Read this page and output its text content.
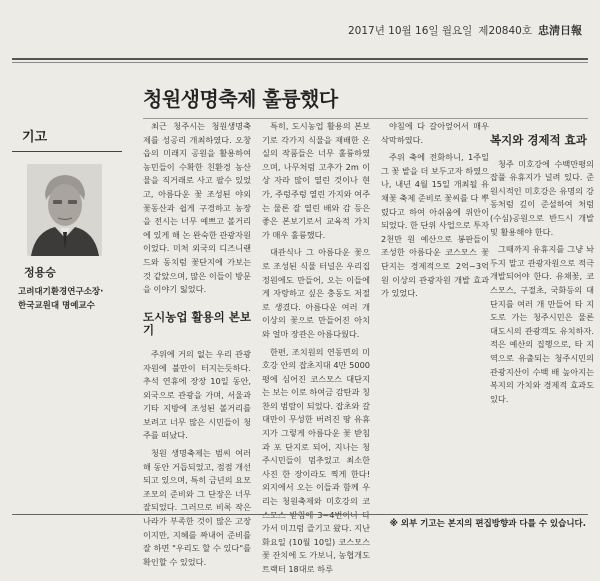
2017년 10월 16일 월요일 제20840호 忠淸日報
청원생명축제 훌륭했다
기고
정용승
고려대기환경연구소장·
한국교원대 명예교수

최근 청주시는 청원생명축제를 성공리 개최하였다. 오창읍의 미래지 공원을 활용하여 농민들이 수확한 친환경 농산물을 직거래로 사고 팔수 있었고, 아름다운 꽃 조성된 야외 꽃동산과 쉽게 구경하고 농장을 전시는 너무 예쁘고 볼거리에 있게 해 논 완숙한 관광자원이었다. 미처 외국의 디즈니랜드와 동치럼 꽃단지에 가보는 것 같았으며, 많은 이들이 방문을 이야기 잃었다.

도시농업 활용의 본보기

주위에 거의 없는 우리 관광자원에 불만이 터지는듯하다. 추석 연휴에 장장 10일 동안, 외국으로 관광을 가며, 서울과 기타 지방에 조성된 볼거리를 보려고 너무 많은 시민들이 청주를 떠났다.

청원 생명축제는 범씨 여러 해 동안 거듭되었고, 점점 개선되고 있으며, 특히 금년의 요모조모의 준비와 그 단장은 너무 잘되었다. 그러므로 비록 작은 나라가 부족한 것이 많은 고장이지만, 지혜를 짜내어 준비를 잘 하면 "우리도 할 수 있다"를 확인할 수 있었다.

특히, 도시농업 활용의 본보기로 각가지 식물을 재배한 온실의 작품들은 너무 훌륭하였으며, 나무처럼 고추가 2m 이상 자라 많이 열린 것이나 현가, 주렁주렁 열린 가지와 여주는 물론 잘 열린 배와 감 등은 좋은 본보기로서 교육적 가치가 매우 훌륭했다.

대관식나 그 아름다운 꽃으로 조성된 식물 터널은 우리집 정원에도 만들어, 오는 이들에게 자랑하고 싶은 충동도 저절로 생겼다. 아름다운 여러 개 이상의 꽃으로 만들어진 아치와 얼마 장관은 아름다웠다.

한편, 조치원의 연동면의 미호강 안의 잡초지대 4만 5000평에 심어진 코스모스 대단지는 보는 이로 하여금 감탄과 칭찬의 범람이 되었다. 잡초와 갈대만이 무성한 버려진 땅 유휴지가 그렇게 아름다운 꽃 받침과 포 단지로 되어, 지나는 청주시민들이 멈추었고 최소한 사진 한 장이라도 찍게 한다! 외지에서 오는 이들과 함께 우리는 청원축제와 미호강의 코스모스 받침에 3~4번이나 다 가서 미끄럼 즐기고 왔다. 지난 화요일 (10월 10일) 코스모스꽃 잔치에 도 가보니, 농협개도 트랙터 18대로 하루

야침에 다 갈아엎어서 매우 삭막하였다.

주위 축에 전화하니, 1주일 그 꽃 밭을 더 보두고자 하였으나, 내년 4월 15일 개최될 유채꽃 축제 준비로 꽃씨를 다 뿌렸다고 하여 아쉬움에 위안이 되었다. 한 단위 사업으로 투자 2천만 원 예산으로 봉판들이 조성한 아름다운 코스모스 꽃단지는 경제적으로 2억~3억 원 이상의 관광자원 개발 효과가 있었다.

복지와 경제적 효과

청주 미호강에 수백만평의 잡풀 유휴지가 널려 있다. 준 원시적인 미호강은 유명의 강동처럼 깊이 준설하여 처럼(수심)공원으로 반드시 개발 및 활용해야 한다.

그때까지 유휴지를 그냥 놔두지 말고 관광자원으로 적극 개발되어야 한다. 유채꽃, 코스모스, 구절초, 국화등의 대단지를 여러 개 만들어 타 지도로 가는 청주시민은 물론 대도시의 관광객도 유치하자. 적은 예산의 집행으로, 타 지역으로 유출되는 청주시민의 관광지산이 수백 배 높아지는 복지의 가치와 경제적 효과도 있다.

※ 외부 기고는 본지의 편집방향과 다를 수 있습니다.
